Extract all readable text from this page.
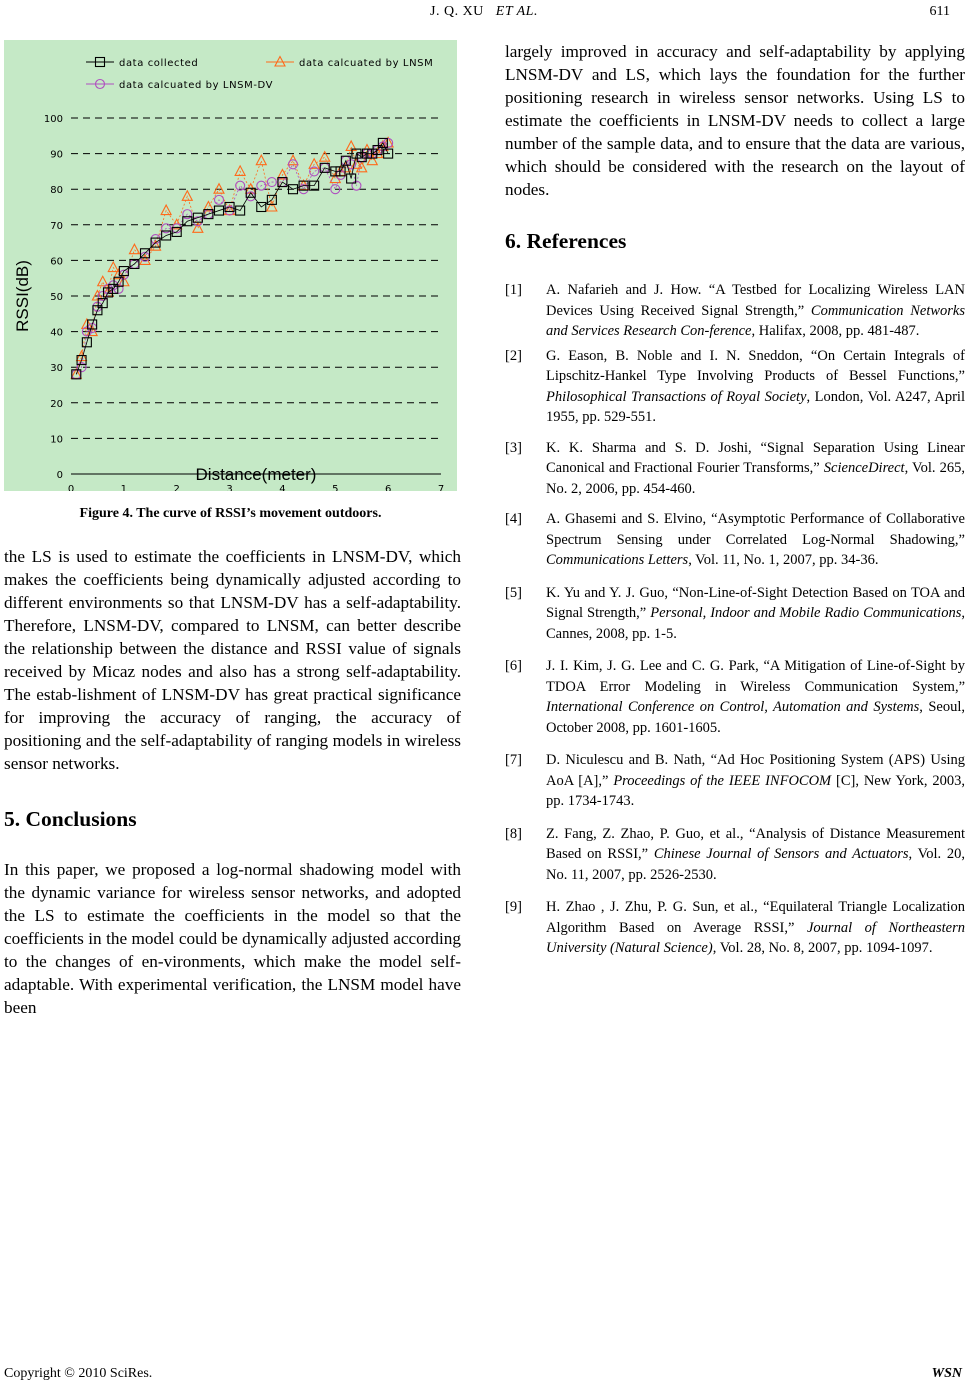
J. Q. XU ET AL.	611
0
10
20
30
40
50
60
70
80
90
100
0	1	2	3	4	5	6	7
Distance(meter)
RSSI(dB)
data collected	data calcuated by LNSM
data calcuated by LNSM-DV
Figure 4. The curve of RSSI’s movement outdoors.

the LS is used to estimate the coefficients in LNSM-DV, which makes the coefficients being dynamically adjusted according to different environments so that LNSM-DV has a self-adaptability. Therefore, LNSM-DV, compared to LNSM, can better describe the relationship between the distance and RSSI value of signals received by Micaz nodes and also has a strong self-adaptability. The estab-lishment of LNSM-DV has great practical significance for improving the accuracy of ranging, the accuracy of positioning and the self-adaptability of ranging models in wireless sensor networks.

5. Conclusions

In this paper, we proposed a log-normal shadowing model with the dynamic variance for wireless sensor networks, and adopted the LS to estimate the coefficients in the model so that the coefficients in the model could be dynamically adjusted according to the changes of en-vironments, which make the model self-adaptable. With experimental verification, the LNSM model have been

largely improved in accuracy and self-adaptability by applying LNSM-DV and LS, which lays the foundation for the further positioning research in wireless sensor networks. Using LS to estimate the coefficients in LNSM-DV needs to collect a large number of the sample data, and to ensure that the data are various, which should be considered with the research on the layout of nodes.

6. References
[1] A. Nafarieh and J. How. “A Testbed for Localizing Wireless LAN Devices Using Received Signal Strength,” Communication Networks and Services Research Con-ference, Halifax, 2008, pp. 481-487.
[2] G. Eason, B. Noble and I. N. Sneddon, “On Certain Integrals of Lipschitz-Hankel Type Involving Products of Bessel Functions,” Philosophical Transactions of Royal Society, London, Vol. A247, April 1955, pp. 529-551.
[3] K. K. Sharma and S. D. Joshi, “Signal Separation Using Linear Canonical and Fractional Fourier Transforms,” ScienceDirect, Vol. 265, No. 2, 2006, pp. 454-460.
[4] A. Ghasemi and S. Elvino, “Asymptotic Performance of Collaborative Spectrum Sensing under Correlated Log-Normal Shadowing,” Communications Letters, Vol. 11, No. 1, 2007, pp. 34-36.
[5] K. Yu and Y. J. Guo, “Non-Line-of-Sight Detection Based on TOA and Signal Strength,” Personal, Indoor and Mobile Radio Communications, Cannes, 2008, pp. 1-5.
[6] J. I. Kim, J. G. Lee and C. G. Park, “A Mitigation of Line-of-Sight by TDOA Error Modeling in Wireless Communication System,” International Conference on Control, Automation and Systems, Seoul, October 2008, pp. 1601-1605.
[7] D. Niculescu and B. Nath, “Ad Hoc Positioning System (APS) Using AoA [A],” Proceedings of the IEEE INFOCOM [C], New York, 2003, pp. 1734-1743.
[8] Z. Fang, Z. Zhao, P. Guo, et al., “Analysis of Distance Measurement Based on RSSI,” Chinese Journal of Sensors and Actuators, Vol. 20, No. 11, 2007, pp. 2526-2530.
[9] H. Zhao , J. Zhu, P. G. Sun, et al., “Equilateral Triangle Localization Algorithm Based on Average RSSI,” Journal of Northeastern University (Natural Science), Vol. 28, No. 8, 2007, pp. 1094-1097.
Copyright © 2010 SciRes.	WSN
